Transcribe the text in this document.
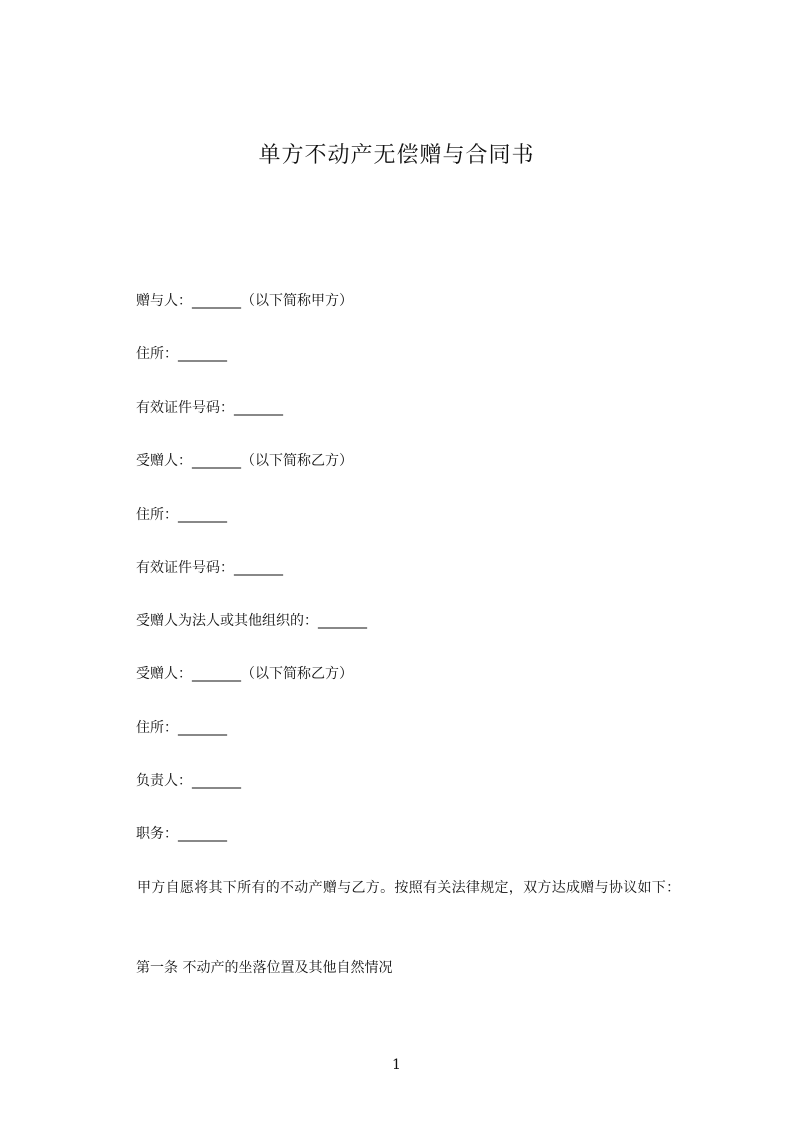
单方不动产无偿赠与合同书
赠与人：_______（以下简称甲方）
住所：_______
有效证件号码：_______
受赠人：_______（以下简称乙方）
住所：_______
有效证件号码：_______
受赠人为法人或其他组织的：_______
受赠人：_______（以下简称乙方）
住所：_______
负责人：_______
职务：_______

甲方自愿将其下所有的不动产赠与乙方。按照有关法律规定，双方达成赠与协议如下：

第一条 不动产的坐落位置及其他自然情况
1
